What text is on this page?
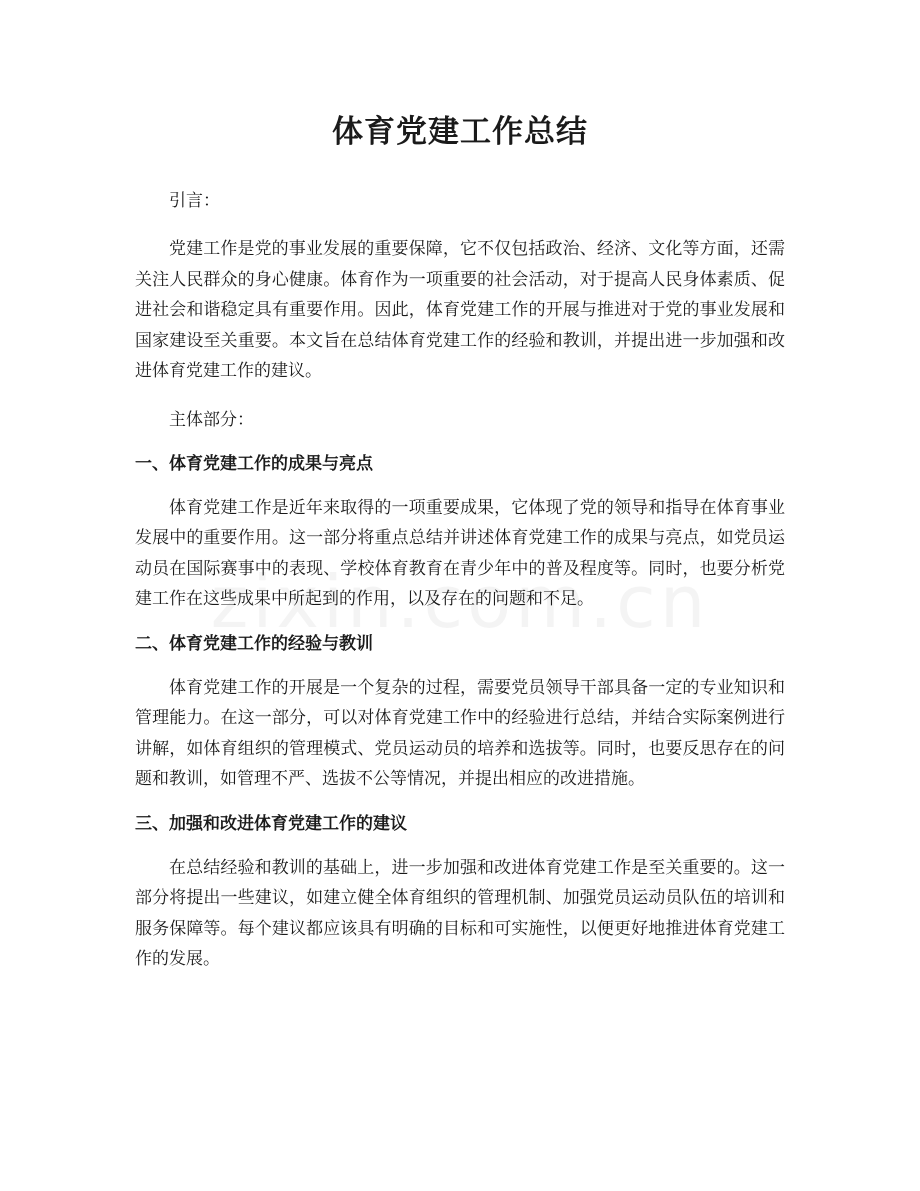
体育党建工作总结

引言：

党建工作是党的事业发展的重要保障，它不仅包括政治、经济、文化等方面，还需关注人民群众的身心健康。体育作为一项重要的社会活动，对于提高人民身体素质、促进社会和谐稳定具有重要作用。因此，体育党建工作的开展与推进对于党的事业发展和国家建设至关重要。本文旨在总结体育党建工作的经验和教训，并提出进一步加强和改进体育党建工作的建议。

主体部分：

一、体育党建工作的成果与亮点

体育党建工作是近年来取得的一项重要成果，它体现了党的领导和指导在体育事业发展中的重要作用。这一部分将重点总结并讲述体育党建工作的成果与亮点，如党员运动员在国际赛事中的表现、学校体育教育在青少年中的普及程度等。同时，也要分析党建工作在这些成果中所起到的作用，以及存在的问题和不足。

二、体育党建工作的经验与教训

体育党建工作的开展是一个复杂的过程，需要党员领导干部具备一定的专业知识和管理能力。在这一部分，可以对体育党建工作中的经验进行总结，并结合实际案例进行讲解，如体育组织的管理模式、党员运动员的培养和选拔等。同时，也要反思存在的问题和教训，如管理不严、选拔不公等情况，并提出相应的改进措施。

三、加强和改进体育党建工作的建议

在总结经验和教训的基础上，进一步加强和改进体育党建工作是至关重要的。这一部分将提出一些建议，如建立健全体育组织的管理机制、加强党员运动员队伍的培训和服务保障等。每个建议都应该具有明确的目标和可实施性，以便更好地推进体育党建工作的发展。
